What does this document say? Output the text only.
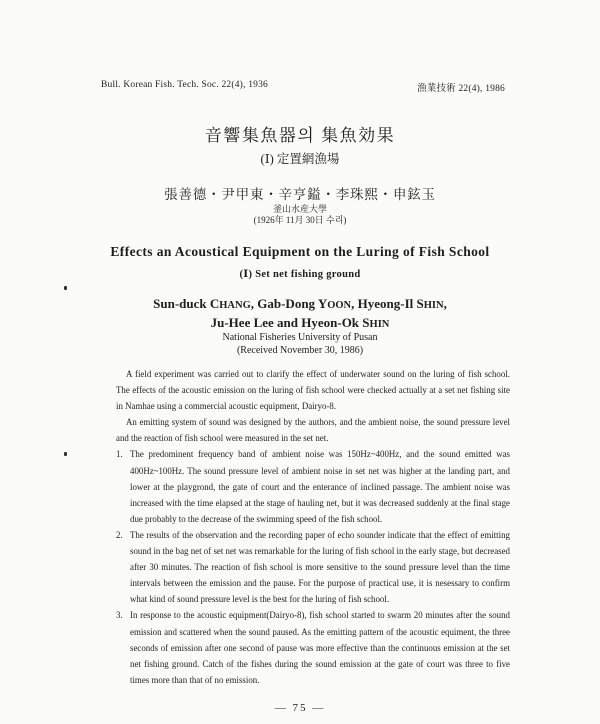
Bull. Korean Fish. Tech. Soc. 22(4), 1936	漁業技術 22(4), 1986
音響集魚器의 集魚効果
(Ⅰ) 定置網漁場
張善德・尹甲東・辛亨鎰・李珠熙・申鉉玉
釜山水産大學
(1926年 11月 30日 수리)
Effects an Acoustical Equipment on the Luring of Fish School
(Ⅰ) Set net fishing ground
Sun-duck CHANG, Gab-Dong YOON, Hyeong-Il SHIN,
Ju-Hee Lee and Hyeon-Ok SHIN
National Fisheries University of Pusan
(Received November 30, 1986)

A field experiment was carried out to clarify the effect of underwater sound on the luring of fish school. The effects of the acoustic emission on the luring of fish school were checked actually at a set net fishing site in Namhae using a commercial acoustic equipment, Dairyo-8.

An emitting system of sound was designed by the authors, and the ambient noise, the sound pressure level and the reaction of fish school were measured in the set net.

1. The predominent frequency band of ambient noise was 150Hz~400Hz, and the sound emitted was 400Hz~100Hz. The sound pressure level of ambient noise in set net was higher at the landing part, and lower at the playgrond, the gate of court and the enterance of inclined passage. The ambient noise was increased with the time elapsed at the stage of hauling net, but it was decreased suddenly at the final stage due probably to the decrease of the swimming speed of the fish school.
2. The results of the observation and the recording paper of echo sounder indicate that the effect of emitting sound in the bag net of set net was remarkable for the luring of fish school in the early stage, but decreased after 30 minutes. The reaction of fish school is more sensitive to the sound pressure level than the time intervals between the emission and the pause. For the purpose of practical use, it is nesessary to confirm what kind of sound pressure level is the best for the luring of fish school.
3. In response to the acoustic equipment(Dairyo-8), fish school started to swarm 20 minutes after the sound emission and scattered when the sound paused. As the emitting pattern of the acoustic equiment, the three seconds of emission after one second of pause was more effective than the continuous emission at the set net fishing ground. Catch of the fishes during the sound emission at the gate of court was three to five times more than that of no emission.
— 75 —
